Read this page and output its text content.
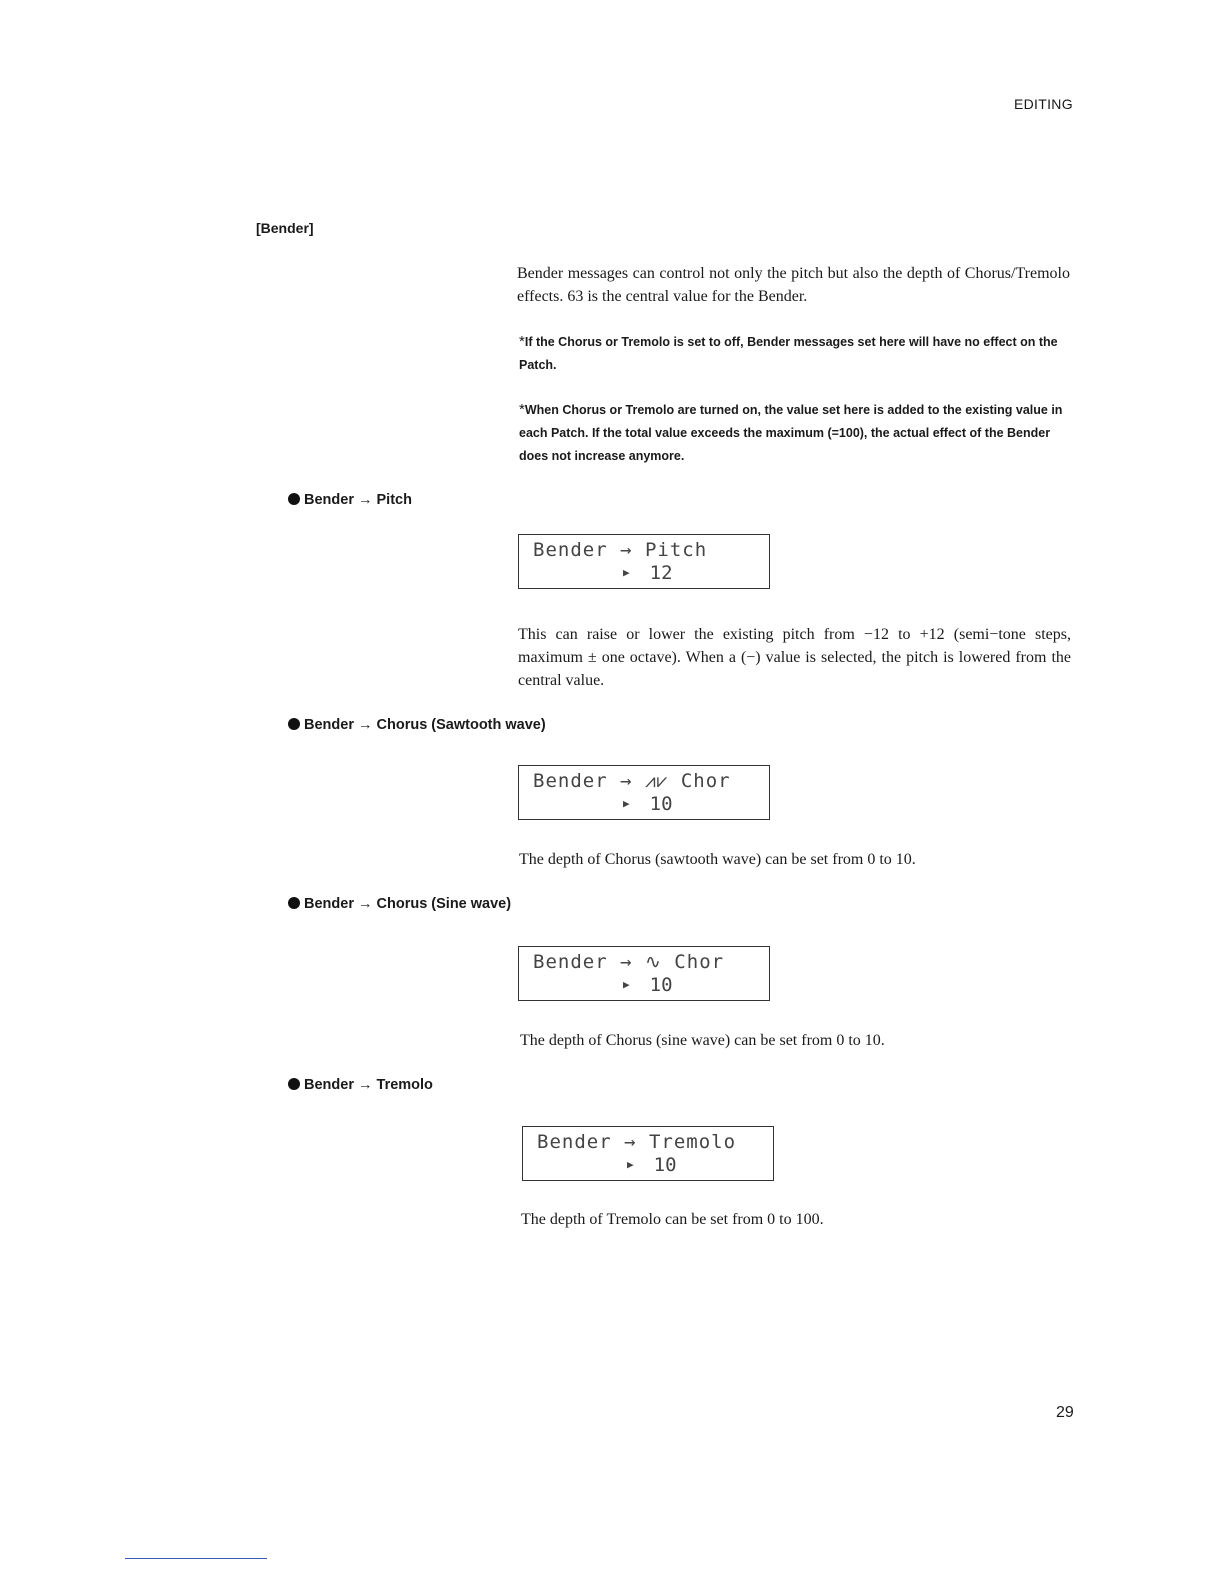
EDITING
[Bender]
Bender messages can control not only the pitch but also the depth of Chorus/Tremolo effects. 63 is the central value for the Bender.
*If the Chorus or Tremolo is set to off, Bender messages set here will have no effect on the Patch.
*When Chorus or Tremolo are turned on, the value set here is added to the existing value in each Patch. If the total value exceeds the maximum (=100), the actual effect of the Bender does not increase anymore.
Bender → Pitch
Bender → Pitch
▶ 12
This can raise or lower the existing pitch from −12 to +12 (semi−tone steps, maximum ± one octave). When a (−) value is selected, the pitch is lowered from the central value.
Bender → Chorus (Sawtooth wave)
Bender → ⩘⩗ Chor
▶ 10
The depth of Chorus (sawtooth wave) can be set from 0 to 10.
Bender → Chorus (Sine wave)
Bender → ∿ Chor
▶ 10
The depth of Chorus (sine wave) can be set from 0 to 10.
Bender → Tremolo
Bender → Tremolo
▶ 10
The depth of Tremolo can be set from 0 to 100.
29
